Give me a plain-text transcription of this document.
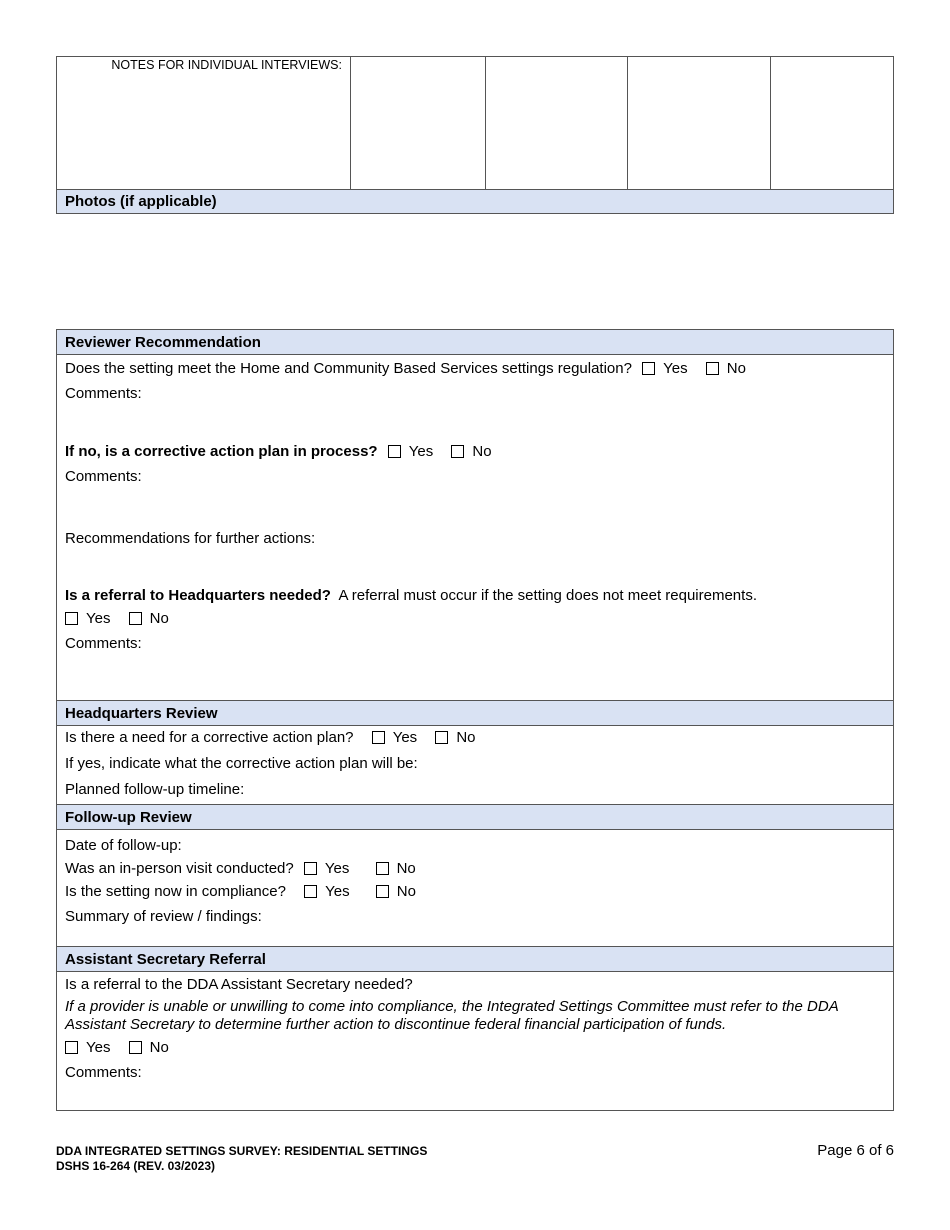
NOTES FOR INDIVIDUAL INTERVIEWS:				
Photos (if applicable)
Reviewer Recommendation
Does the setting meet the Home and Community Based Services settings regulation? Yes	No
Comments:
If no, is a corrective action plan in process? Yes	No
Comments:
Recommendations for further actions:
Is a referral to Headquarters needed? A referral must occur if the setting does not meet requirements.
Yes	No
Comments:
Headquarters Review
Is there a need for a corrective action plan?	Yes	No
If yes, indicate what the corrective action plan will be:
Planned follow-up timeline:
Follow-up Review
Date of follow-up:
Was an in-person visit conducted? Yes	No
Is the setting now in compliance?	Yes	No
Summary of review / findings:
Assistant Secretary Referral
Is a referral to the DDA Assistant Secretary needed?
If a provider is unable or unwilling to come into compliance, the Integrated Settings Committee must refer to the DDA Assistant Secretary to determine further action to discontinue federal financial participation of funds.
Yes	No
Comments:
DDA INTEGRATED SETTINGS SURVEY: RESIDENTIAL SETTINGS
DSHS 16-264 (REV. 03/2023)
Page 6 of 6
